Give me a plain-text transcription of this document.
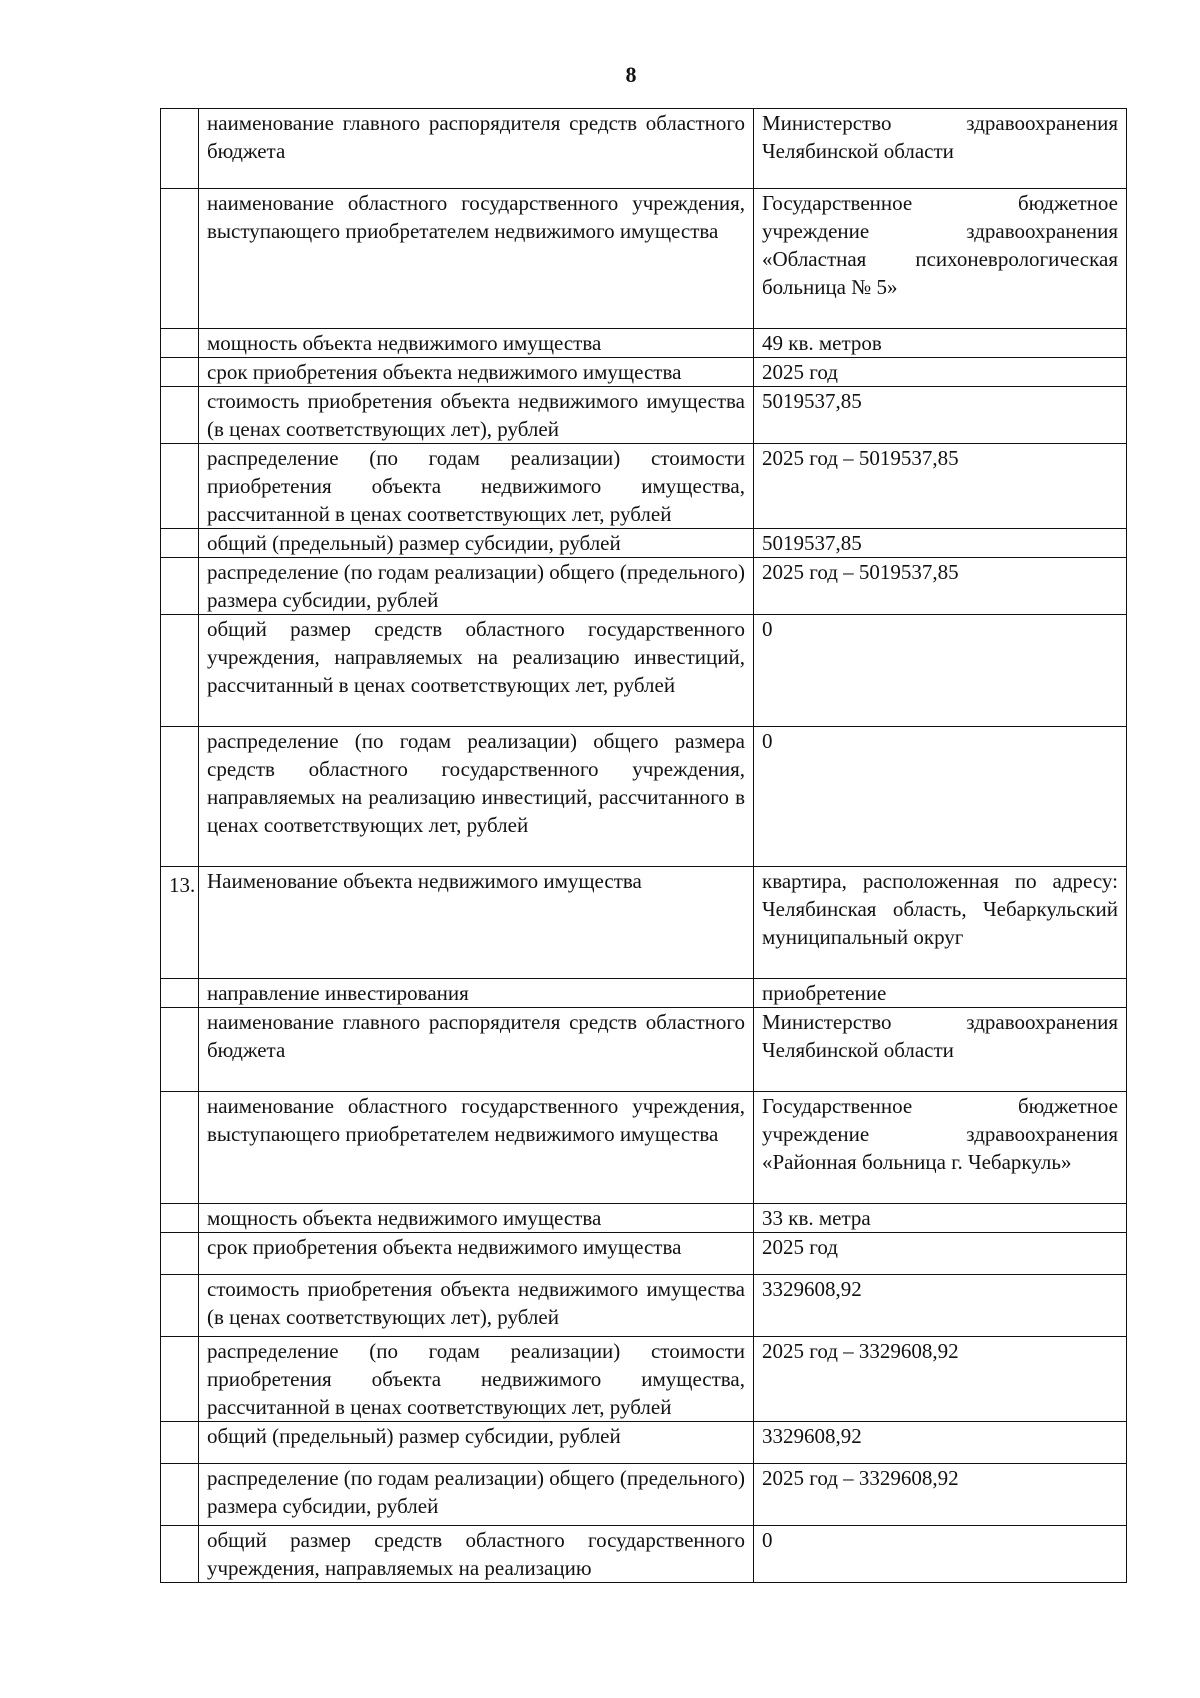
8
	наименование главного распорядителя средств областного бюджета	Министерство здравоохранения Челябинской области
	наименование областного государственного учреждения, выступающего приобретателем недвижимого имущества	Государственное бюджетное учреждение здравоохранения «Областная психоневрологическая больница № 5»
	мощность объекта недвижимого имущества	49 кв. метров
	срок приобретения объекта недвижимого имущества	2025 год
	стоимость приобретения объекта недвижимого имущества (в ценах соответствующих лет), рублей	5019537,85
	распределение (по годам реализации) стоимости приобретения объекта недвижимого имущества, рассчитанной в ценах соответствующих лет, рублей	2025 год – 5019537,85
	общий (предельный) размер субсидии, рублей	5019537,85
	распределение (по годам реализации) общего (предельного) размера субсидии, рублей	2025 год – 5019537,85
	общий размер средств областного государственного учреждения, направляемых на реализацию инвестиций, рассчитанный в ценах соответствующих лет, рублей	0
	распределение (по годам реализации) общего размера средств областного государственного учреждения, направляемых на реализацию инвестиций, рассчитанного в ценах соответствующих лет, рублей	0
13.	Наименование объекта недвижимого имущества	квартира, расположенная по адресу: Челябинская область, Чебаркульский муниципальный округ
	направление инвестирования	приобретение
	наименование главного распорядителя средств областного бюджета	Министерство здравоохранения Челябинской области
	наименование областного государственного учреждения, выступающего приобретателем недвижимого имущества	Государственное бюджетное учреждение здравоохранения «Районная больница г. Чебаркуль»
	мощность объекта недвижимого имущества	33 кв. метра
	срок приобретения объекта недвижимого имущества	2025 год
	стоимость приобретения объекта недвижимого имущества (в ценах соответствующих лет), рублей	3329608,92
	распределение (по годам реализации) стоимости приобретения объекта недвижимого имущества, рассчитанной в ценах соответствующих лет, рублей	2025 год – 3329608,92
	общий (предельный) размер субсидии, рублей	3329608,92
	распределение (по годам реализации) общего (предельного) размера субсидии, рублей	2025 год – 3329608,92
	общий размер средств областного государственного учреждения, направляемых на реализацию	0
